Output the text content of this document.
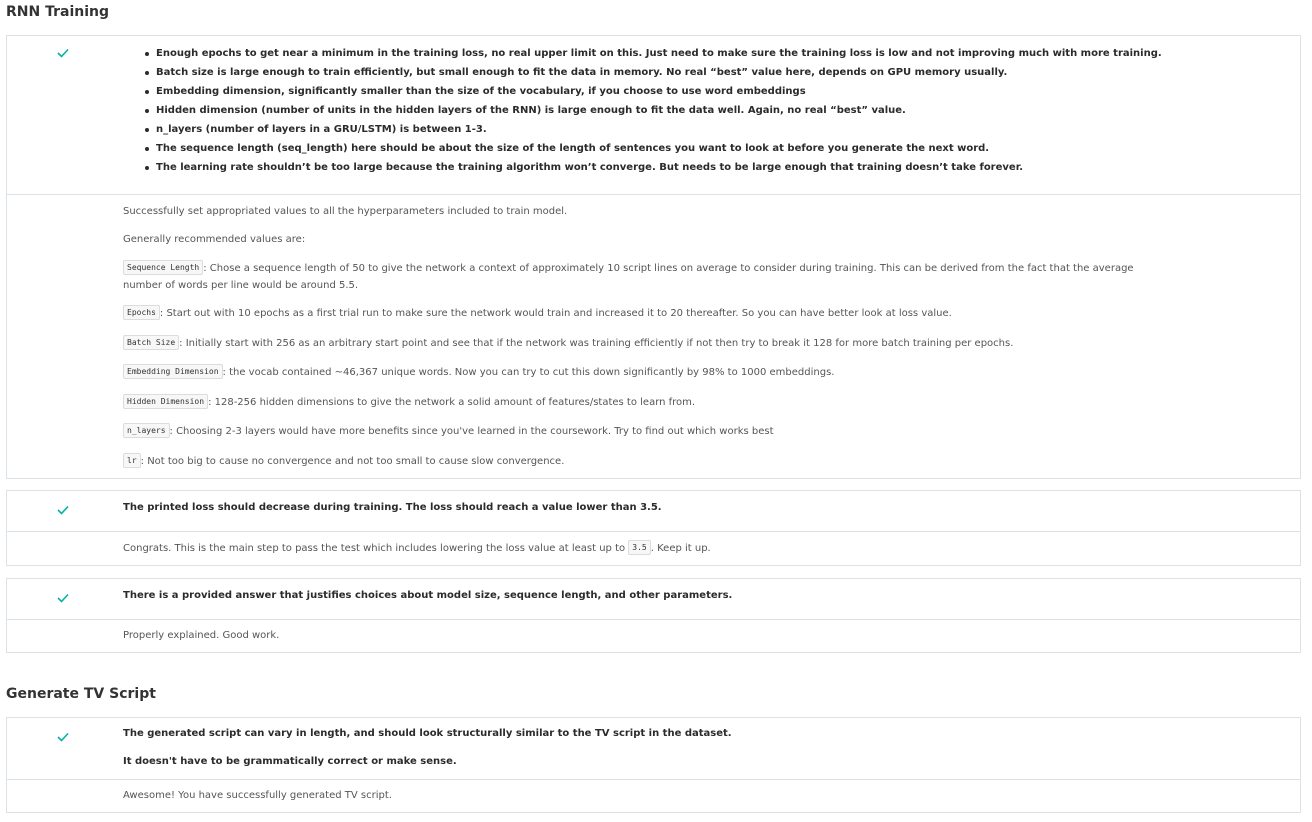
RNN Training
Enough epochs to get near a minimum in the training loss, no real upper limit on this. Just need to make sure the training loss is low and not improving much with more training.
Batch size is large enough to train efficiently, but small enough to fit the data in memory. No real “best” value here, depends on GPU memory usually.
Embedding dimension, significantly smaller than the size of the vocabulary, if you choose to use word embeddings
Hidden dimension (number of units in the hidden layers of the RNN) is large enough to fit the data well. Again, no real “best” value.
n_layers (number of layers in a GRU/LSTM) is between 1-3.
The sequence length (seq_length) here should be about the size of the length of sentences you want to look at before you generate the next word.
The learning rate shouldn’t be too large because the training algorithm won’t converge. But needs to be large enough that training doesn’t take forever.

Successfully set appropriated values to all the hyperparameters included to train model.

Generally recommended values are:

Sequence Length : Chose a sequence length of 50 to give the network a context of approximately 10 script lines on average to consider during training. This can be derived from the fact that the average number of words per line would be around 5.5.

Epochs : Start out with 10 epochs as a first trial run to make sure the network would train and increased it to 20 thereafter. So you can have better look at loss value.

Batch Size : Initially start with 256 as an arbitrary start point and see that if the network was training efficiently if not then try to break it 128 for more batch training per epochs.

Embedding Dimension : the vocab contained ~46,367 unique words. Now you can try to cut this down significantly by 98% to 1000 embeddings.

Hidden Dimension : 128-256 hidden dimensions to give the network a solid amount of features/states to learn from.

n_layers : Choosing 2-3 layers would have more benefits since you've learned in the coursework. Try to find out which works best

lr : Not too big to cause no convergence and not too small to cause slow convergence.

The printed loss should decrease during training. The loss should reach a value lower than 3.5.

Congrats. This is the main step to pass the test which includes lowering the loss value at least up to 3.5 . Keep it up.

There is a provided answer that justifies choices about model size, sequence length, and other parameters.

Properly explained. Good work.

Generate TV Script

The generated script can vary in length, and should look structurally similar to the TV script in the dataset.

It doesn't have to be grammatically correct or make sense.

Awesome! You have successfully generated TV script.
